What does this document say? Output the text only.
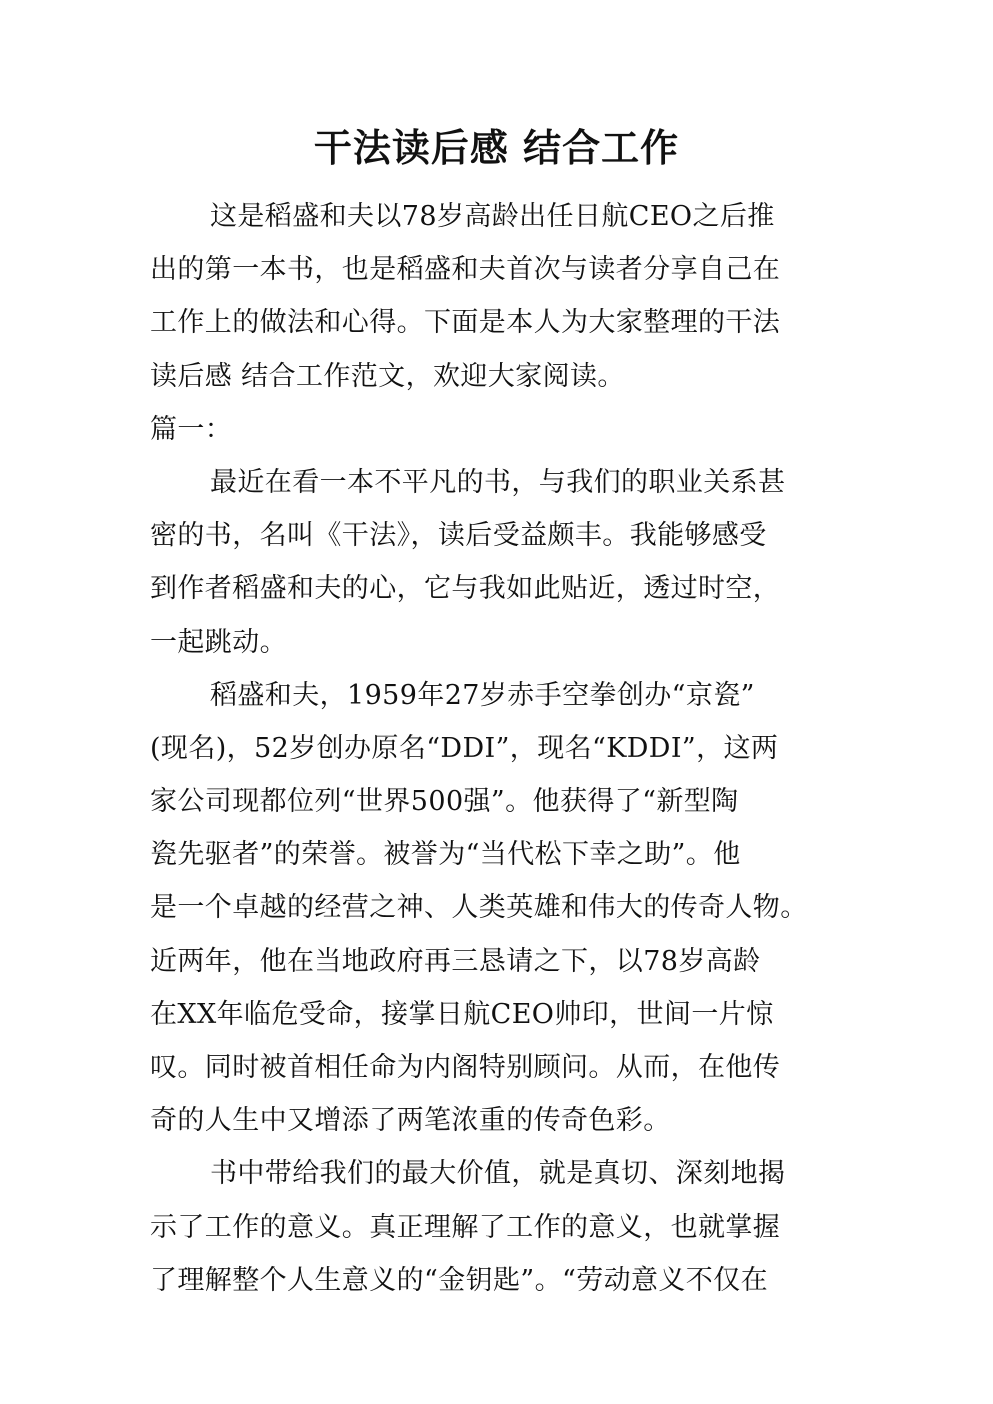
干法读后感 结合工作
这是稻盛和夫以78岁高龄出任日航CEO之后推
出的第一本书，也是稻盛和夫首次与读者分享自己在
工作上的做法和心得。下面是本人为大家整理的干法
读后感 结合工作范文，欢迎大家阅读。
篇一：
最近在看一本不平凡的书，与我们的职业关系甚
密的书，名叫《干法》，读后受益颇丰。我能够感受
到作者稻盛和夫的心，它与我如此贴近，透过时空，
一起跳动。
稻盛和夫，1959年27岁赤手空拳创办“京瓷”
(现名)，52岁创办原名“DDI”，现名“KDDI”，这两
家公司现都位列“世界500强”。他获得了“新型陶
瓷先驱者”的荣誉。被誉为“当代松下幸之助”。他
是一个卓越的经营之神、人类英雄和伟大的传奇人物。
近两年，他在当地政府再三恳请之下，以78岁高龄
在XX年临危受命，接掌日航CEO帅印，世间一片惊
叹。同时被首相任命为内阁特别顾问。从而，在他传
奇的人生中又增添了两笔浓重的传奇色彩。
书中带给我们的最大价值，就是真切、深刻地揭
示了工作的意义。真正理解了工作的意义，也就掌握
了理解整个人生意义的“金钥匙”。“劳动意义不仅在
